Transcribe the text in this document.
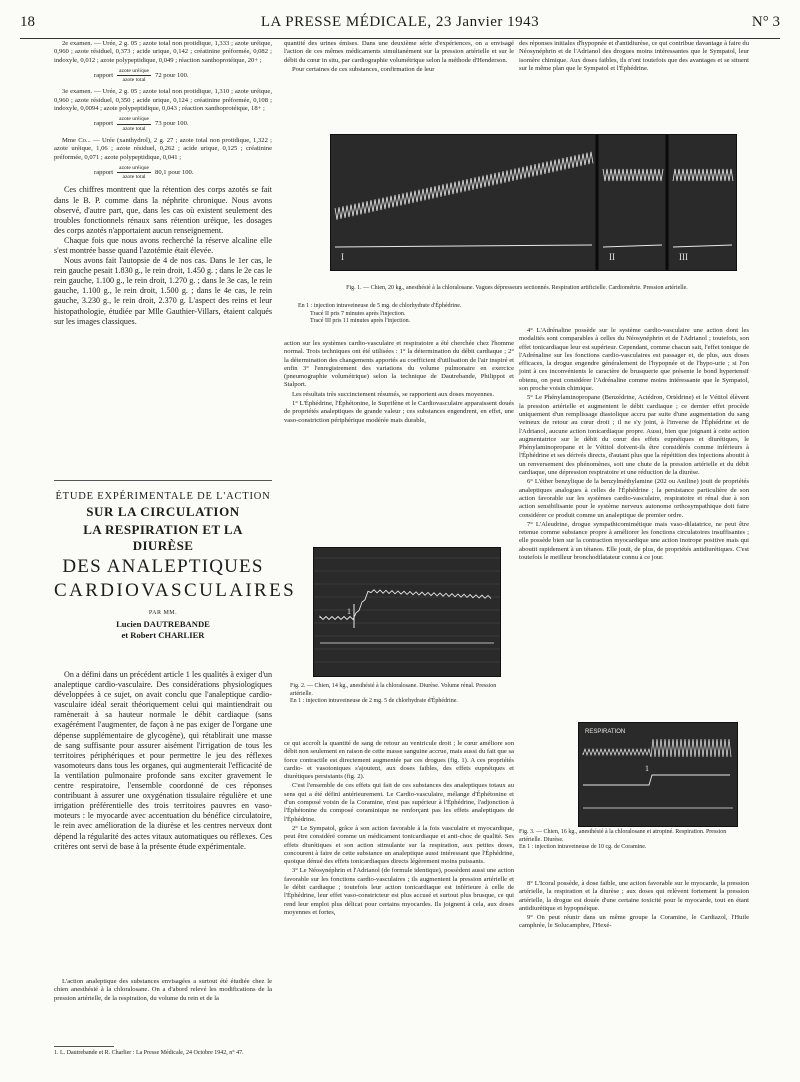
18	LA PRESSE MÉDICALE, 23 Janvier 1943	N° 3

2e examen. — Urée, 2 g. 05 ; azote total non protidique, 1,333 ; azote uréique, 0,960 ; azote résiduel, 0,373 ; acide urique, 0,142 ; créatinine préformée, 0,082 ; indoxyle, 0,012 ; azote polypeptidique, 0,049 ; réaction xanthoprotéique, 20+ ;

rapport $\frac{\text{azote uréique}}{\text{azote total}} 72$ pour 100.

3e examen. — Urée, 2 g. 05 ; azote total non protidique, 1,310 ; azote uréique, 0,960 ; azote résiduel, 0,350 ; acide urique, 0,124 ; créatinine préformée, 0,108 ; indoxyle, 0,0094 ; azote polypeptidique, 0,043 ; réaction xanthoprotéique, 18+ ;

rapport $\frac{\text{azote uréique}}{\text{azote total}} 73$ pour 100.

Mme Co... — Urée (xanthydrol), 2 g. 27 ; azote total non protidique, 1,322 ; azote uréique, 1,06 ; azote résiduel, 0,262 ; acide urique, 0,125 ; créatinine préformée, 0,071 ; azote polypeptidique, 0,041 ;

rapport $\frac{\text{azote uréique}}{\text{azote total}} 80,1$ pour 100.

Ces chiffres montrent que la rétention des corps azotés se fait dans le B. P. comme dans la néphrite chronique. Nous avons observé, d'autre part, que, dans les cas où existent seulement des troubles fonctionnels rénaux sans rétention uréique, les dosages des corps azotés n'apportaient aucun renseignement.

Chaque fois que nous avons recherché la réserve alcaline elle s'est montrée basse quand l'azotémie était élevée.

Nous avons fait l'autopsie de 4 de nos cas. Dans le 1er cas, le rein gauche pesait 1.830 g., le rein droit, 1.450 g. ; dans le 2e cas le rein gauche, 1.100 g., le rein droit, 1.270 g. ; dans le 3e cas, le rein gauche, 1.100 g., le rein droit, 1.500 g. ; dans le 4e cas, le rein gauche, 3.230 g., le rein droit, 2.370 g. L'aspect des reins et leur histopathologie, étudiée par Mlle Gauthier-Villars, étaient calqués sur les images classiques.

ÉTUDE EXPÉRIMENTALE DE L'ACTION
SUR LA CIRCULATION
LA RESPIRATION ET LA DIURÈSE
DES ANALEPTIQUES
CARDIOVASCULAIRES
PAR MM.
Lucien DAUTREBANDE
et Robert CHARLIER

On a défini dans un précédent article 1 les qualités à exiger d'un analeptique cardio-vasculaire. Des considérations physiologiques développées à ce sujet, on avait conclu que l'analeptique cardio-vasculaire idéal serait théoriquement celui qui maintiendrait ou ramènerait à sa hauteur normale le débit cardiaque (sans exagérément l'augmenter, de façon à ne pas exiger de l'organe une dépense supplémentaire de glycogène), qui rétablirait une masse de sang suffisante pour assurer aisément l'irrigation de tous les territoires périphériques et pour permettre le jeu des réflexes vasomoteurs dans tous les organes, qui augmenterait l'efficacité de la ventilation pulmonaire profonde sans exciter gravement le centre respiratoire, l'ensemble coordonné de ces réponses contribuant à assurer une oxygénation tissulaire régulière et une irrigation préférentielle des trois territoires pauvres en vaso-moteurs : le myocarde avec accentuation du bénéfice circulatoire, le rein avec amélioration de la diurèse et les centres nerveux dont dépend la régularité des actes vitaux automatiques ou réflexes. Ces critères ont servi de base à la présente étude expérimentale.

L'action analeptique des substances envisagées a surtout été étudiée chez le chien anesthésié à la chloralosane. On a d'abord relevé les modifications de la pression artérielle, de la respiration, du volume du rein et de la

1. L. Dautrebande et R. Charlier : La Presse Médicale, 24 Octobre 1942, n° 47.

quantité des urines émises. Dans une deuxième série d'expériences, on a envisagé l'action de ces mêmes médicaments simultanément sur la pression artérielle et sur le débit du cœur in situ, par cardiographie volumétrique selon la méthode d'Henderson.

Pour certaines de ces substances, confirmation de leur

I	II	III
Fig. 1. — Chien, 20 kg., anesthésié à la chloralosane. Vagues dépresseurs sectionnés. Respiration artificielle. Cardiométrie. Pression artérielle.
En 1 : injection intraveineuse de 5 mg. de chlorhydrate d'Éphédrine.
Tracé II pris 7 minutes après l'injection.
Tracé III pris 11 minutes après l'injection.

action sur les systèmes cardio-vasculaire et respiratoire a été cherchée chez l'homme normal. Trois techniques ont été utilisées : 1° la détermination du débit cardiaque ; 2° la détermination des changements apportés au coefficient d'utilisation de l'air inspiré et enfin 3° l'enregistrement des variations du volume pulmonaire en exercice (pneumographie volumétrique) selon la technique de Dautrebande, Philippot et Stalport.

Les résultats très succinctement résumés, se rapportent aux doses moyennes.

1° L'Éphédrine, l'Éphétonine, le Suprifène et le Cardiovasculaire apparaissent doués de propriétés analeptiques de grande valeur ; ces substances engendrent, en effet, une vaso-constriction périphérique modérée mais durable,

1
Fig. 2. — Chien, 14 kg., anesthésié à la chloralosane. Diurèse. Volume rénal. Pression artérielle.
En 1 : injection intraveineuse de 2 mg. 5 de chlorhydrate d'Éphédrine.

ce qui accroît la quantité de sang de retour au ventricule droit ; le cœur améliore son débit non seulement en raison de cette masse sanguine accrue, mais aussi du fait que sa force contractile est directement augmentée par ces drogues (fig. 1). A ces propriétés cardio- et vasotoniques s'ajoutent, aux doses faibles, des effets eupnéiques et diurétiques persistants (fig. 2).

C'est l'ensemble de ces effets qui fait de ces substances des analeptiques totaux au sens qui a été défini antérieurement. Le Cardio-vasculaire, mélange d'Éphétonine et d'un composé voisin de la Coramine, n'est pas supérieur à l'Éphédrine, l'adjonction à l'Éphétonine du composé coraminique ne renforçant pas les effets analeptiques de l'Éphédrine.

2° Le Sympatol, grâce à son action favorable à la fois vasculaire et myocardique, peut être considéré comme un médicament tonicardiaque et anti-choc de qualité. Ses effets diurétiques et son action stimulante sur la respiration, aux petites doses, concourent à faire de cette substance un analeptique aussi intéressant que l'Éphédrine, quoique dénué des effets tonicardiaques directs légèrement moins puissants.

3° Le Néosynéphrin et l'Adrianol (de formule identique), possèdent aussi une action favorable sur les fonctions cardio-vasculaires ; ils augmentent la pression artérielle et le débit cardiaque ; toutefois leur action tonicardiaque est inférieure à celle de l'Éphédrine, leur effet vaso-constricteur est plus accusé et surtout plus brusque, ce qui rend leur emploi plus délicat pour certains myocardes. Ils joignent à cela, aux doses moyennes et fortes,

des réponses initiales d'hypopnée et d'antidiurèse, ce qui contribue davantage à faire du Néosynéphrin et de l'Adrianol des drogues moins intéressantes que le Sympatol, leur isomère chimique. Aux doses faibles, ils n'ont toutefois que des avantages et se situent sur le même plan que le Sympatol et l'Éphédrine.

4° L'Adrénaline possède sur le système cardio-vasculaire une action dont les modalités sont comparables à celles du Néosynéphrin et de l'Adrianol ; toutefois, son effet tonicardiaque leur est supérieur. Cependant, comme chacun sait, l'effet tonique de l'Adrénaline sur les fonctions cardio-vasculaires est passager et, de plus, aux doses efficaces, la drogue engendre généralement de l'hypopnée et de l'hypo-urie ; si l'on joint à ces inconvénients le caractère de brusquerie que présente le bond hypertensif obtenu, on peut considérer l'Adrénaline comme moins intéressante que le Sympatol, son proche voisin chimique.

5° Le Phénylaminopropane (Benzédrine, Actédron, Ortédrine) et le Vétitol élèvent la pression artérielle et augmentent le débit cardiaque ; ce dernier effet procède uniquement d'un remplissage diastolique accru par suite d'une augmentation du sang veineux de retour au cœur droit ; il ne s'y joint, à l'inverse de l'Éphédrine et de l'Adrianol, aucune action tonicardiaque propre. Aussi, bien que joignant à cette action augmentatrice sur le débit du cœur des effets eupnéiques et diurétiques, le Phénylaminopropane et le Vétitol doivent-ils être considérés comme inférieurs à l'Éphédrine et ses dérivés directs, d'autant plus que la répétition des injections aboutit à un renversement des phénomènes, soit une chute de la pression artérielle et du débit cardiaque, une dépression respiratoire et une réduction de la diurèse.

6° L'éther benzylique de la benzylméthylamine (202 ou Aniline) jouit de propriétés analeptiques analogues à celles de l'Éphédrine ; la persistance particulière de son action favorable sur les systèmes cardio-vasculaire, respiratoire et rénal due à son action sensibilisante pour le système nerveux autonome orthosympathique doit faire considérer ce produit comme un analeptique de premier ordre.

7° L'Aleudrine, drogue sympathicomimétique mais vaso-dilatatrice, ne peut être retenue comme substance propre à améliorer les fonctions circulatoires insuffisantes ; elle possède bien sur la contraction myocardique une action inotrope positive mais qui aboutit rapidement à un tétanos. Elle jouit, de plus, de propriétés antidiurétiques. C'est toutefois le meilleur bronchodilatateur connu à ce jour.

RESPIRATION
1
Fig. 3. — Chien, 16 kg., anesthésié à la chloralosane et atropiné. Respiration. Pression artérielle. Diurèse.
En 1 : injection intraveineuse de 10 cg. de Coramine.

8° L'Icoral possède, à dose faible, une action favorable sur le myocarde, la pression artérielle, la respiration et la diurèse ; aux doses qui relèvent fortement la pression artérielle, la drogue est douée d'une certaine toxicité pour le myocarde, tout en étant antidiurétique et hypopnéique.

9° On peut réunir dans un même groupe la Coramine, le Cardiazol, l'Huile camphrée, le Solucamphre, l'Hexé-
